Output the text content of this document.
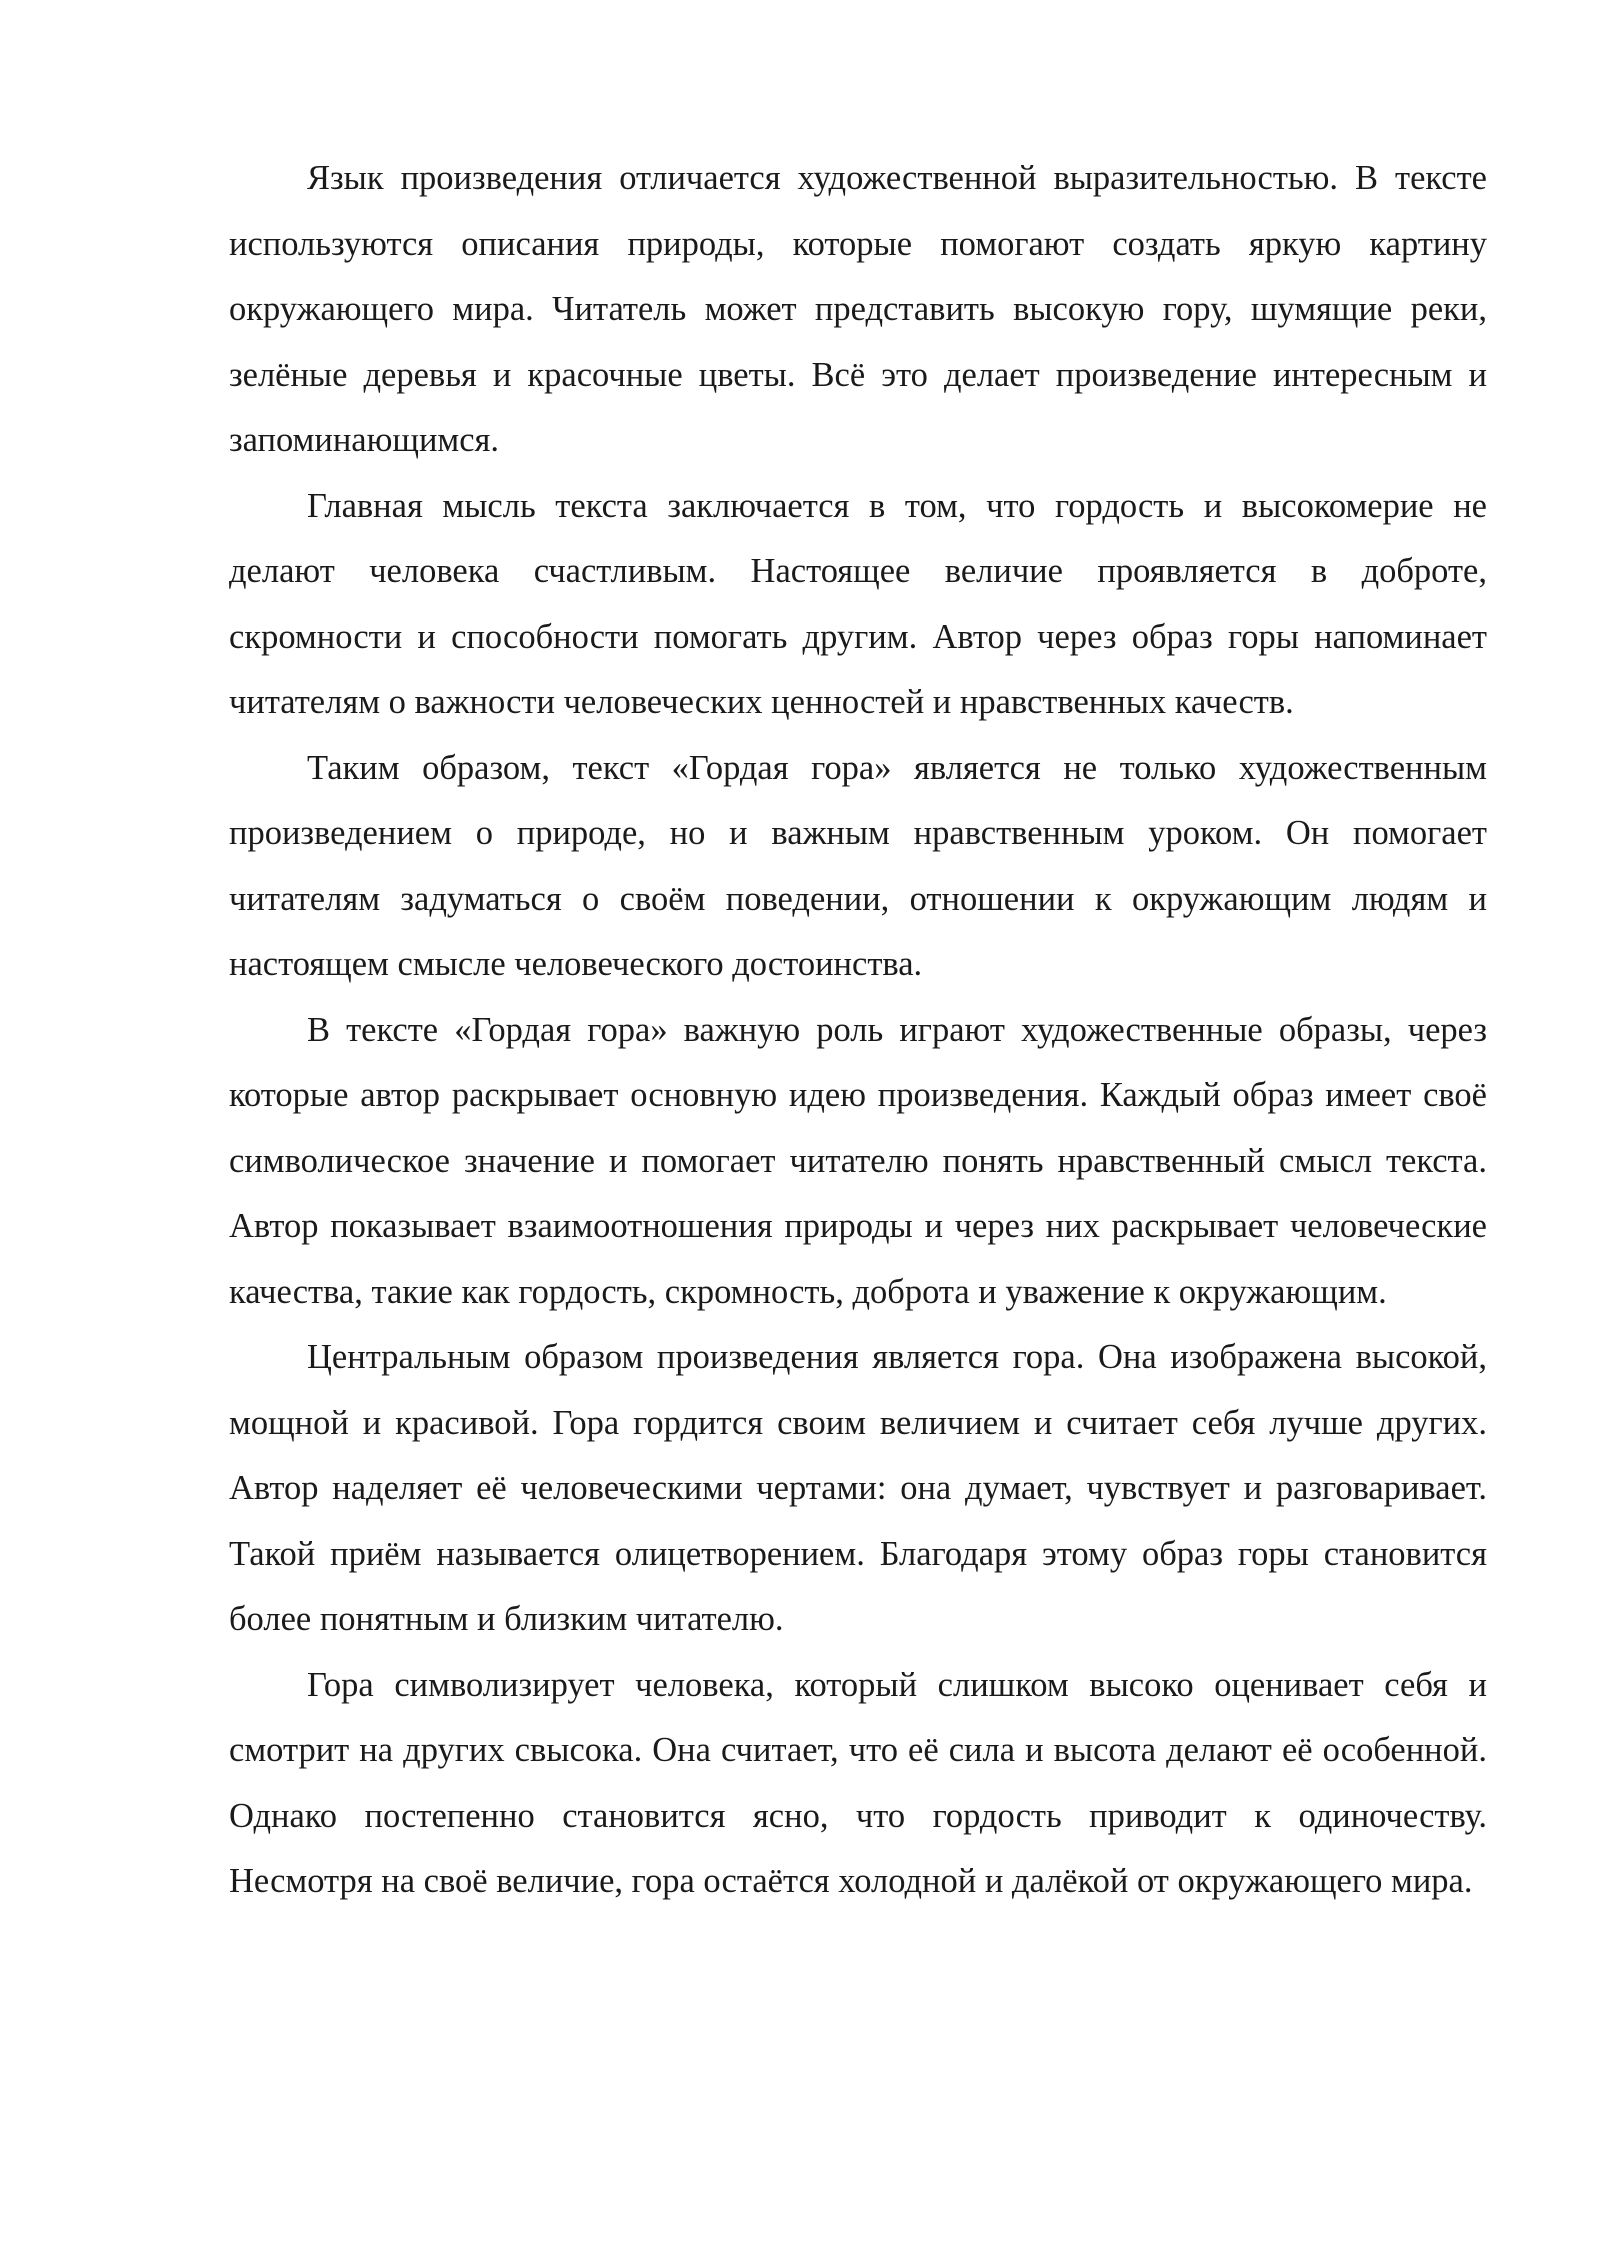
Язык произведения отличается художественной выразительностью. В тексте используются описания природы, которые помогают создать яркую картину окружающего мира. Читатель может представить высокую гору, шумящие реки, зелёные деревья и красочные цветы. Всё это делает произведение интересным и запоминающимся.

Главная мысль текста заключается в том, что гордость и высокомерие не делают человека счастливым. Настоящее величие проявляется в доброте, скромности и способности помогать другим. Автор через образ горы напоминает читателям о важности человеческих ценностей и нравственных качеств.

Таким образом, текст «Гордая гора» является не только художественным произведением о природе, но и важным нравственным уроком. Он помогает читателям задуматься о своём поведении, отношении к окружающим людям и настоящем смысле человеческого достоинства.

В тексте «Гордая гора» важную роль играют художественные образы, через которые автор раскрывает основную идею произведения. Каждый образ имеет своё символическое значение и помогает читателю понять нравственный смысл текста. Автор показывает взаимоотношения природы и через них раскрывает человеческие качества, такие как гордость, скромность, доброта и уважение к окружающим.

Центральным образом произведения является гора. Она изображена высокой, мощной и красивой. Гора гордится своим величием и считает себя лучше других. Автор наделяет её человеческими чертами: она думает, чувствует и разговаривает. Такой приём называется олицетворением. Благодаря этому образ горы становится более понятным и близким читателю.

Гора символизирует человека, который слишком высоко оценивает себя и смотрит на других свысока. Она считает, что её сила и высота делают её особенной. Однако постепенно становится ясно, что гордость приводит к одиночеству. Несмотря на своё величие, гора остаётся холодной и далёкой от окружающего мира.
